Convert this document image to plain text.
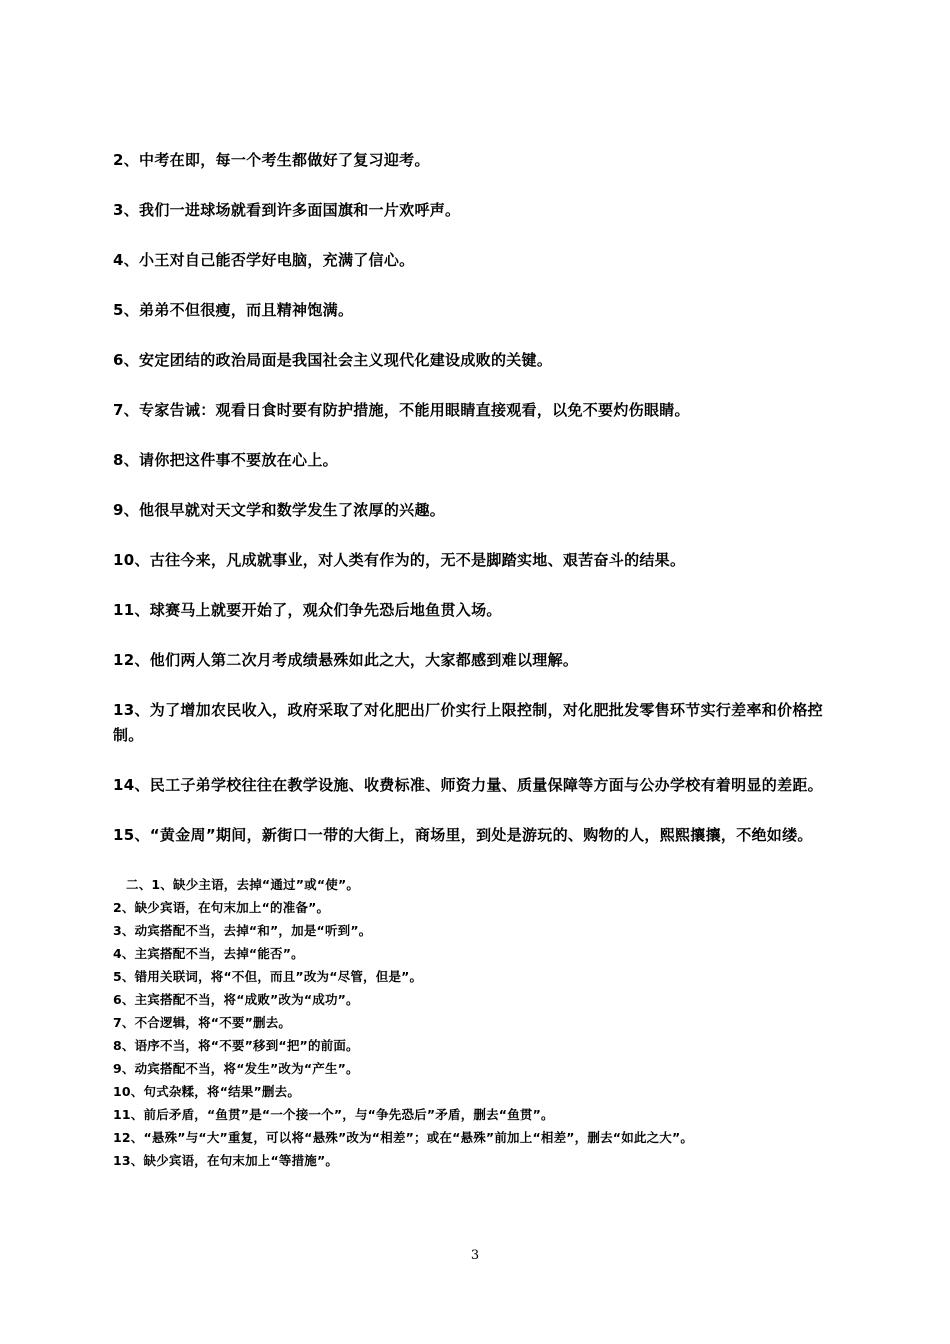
2、中考在即，每一个考生都做好了复习迎考。

3、我们一进球场就看到许多面国旗和一片欢呼声。

4、小王对自己能否学好电脑，充满了信心。

5、弟弟不但很瘦，而且精神饱满。

6、安定团结的政治局面是我国社会主义现代化建设成败的关键。

7、专家告诫：观看日食时要有防护措施，不能用眼睛直接观看，以免不要灼伤眼睛。

8、请你把这件事不要放在心上。

9、他很早就对天文学和数学发生了浓厚的兴趣。

10、古往今来，凡成就事业，对人类有作为的，无不是脚踏实地、艰苦奋斗的结果。

11、球赛马上就要开始了，观众们争先恐后地鱼贯入场。

12、他们两人第二次月考成绩悬殊如此之大，大家都感到难以理解。

13、为了增加农民收入，政府采取了对化肥出厂价实行上限控制，对化肥批发零售环节实行差率和价格控制。

14、民工子弟学校往往在教学设施、收费标准、师资力量、质量保障等方面与公办学校有着明显的差距。

15、“黄金周”期间，新街口一带的大街上，商场里，到处是游玩的、购物的人，熙熙攘攘，不绝如缕。

二、1、缺少主语，去掉“通过”或“使”。

2、缺少宾语，在句末加上“的准备”。

3、动宾搭配不当，去掉“和”，加是“听到”。

4、主宾搭配不当，去掉“能否”。

5、错用关联词，将“不但，而且”改为“尽管，但是”。

6、主宾搭配不当，将“成败”改为“成功”。

7、不合逻辑，将“不要”删去。

8、语序不当，将“不要”移到“把”的前面。

9、动宾搭配不当，将“发生”改为“产生”。

10、句式杂糅，将“结果”删去。

11、前后矛盾，“鱼贯”是“一个接一个”，与“争先恐后”矛盾，删去“鱼贯”。

12、“悬殊”与“大”重复，可以将“悬殊”改为“相差”；或在“悬殊”前加上“相差”，删去“如此之大”。

13、缺少宾语，在句末加上“等措施”。

3
